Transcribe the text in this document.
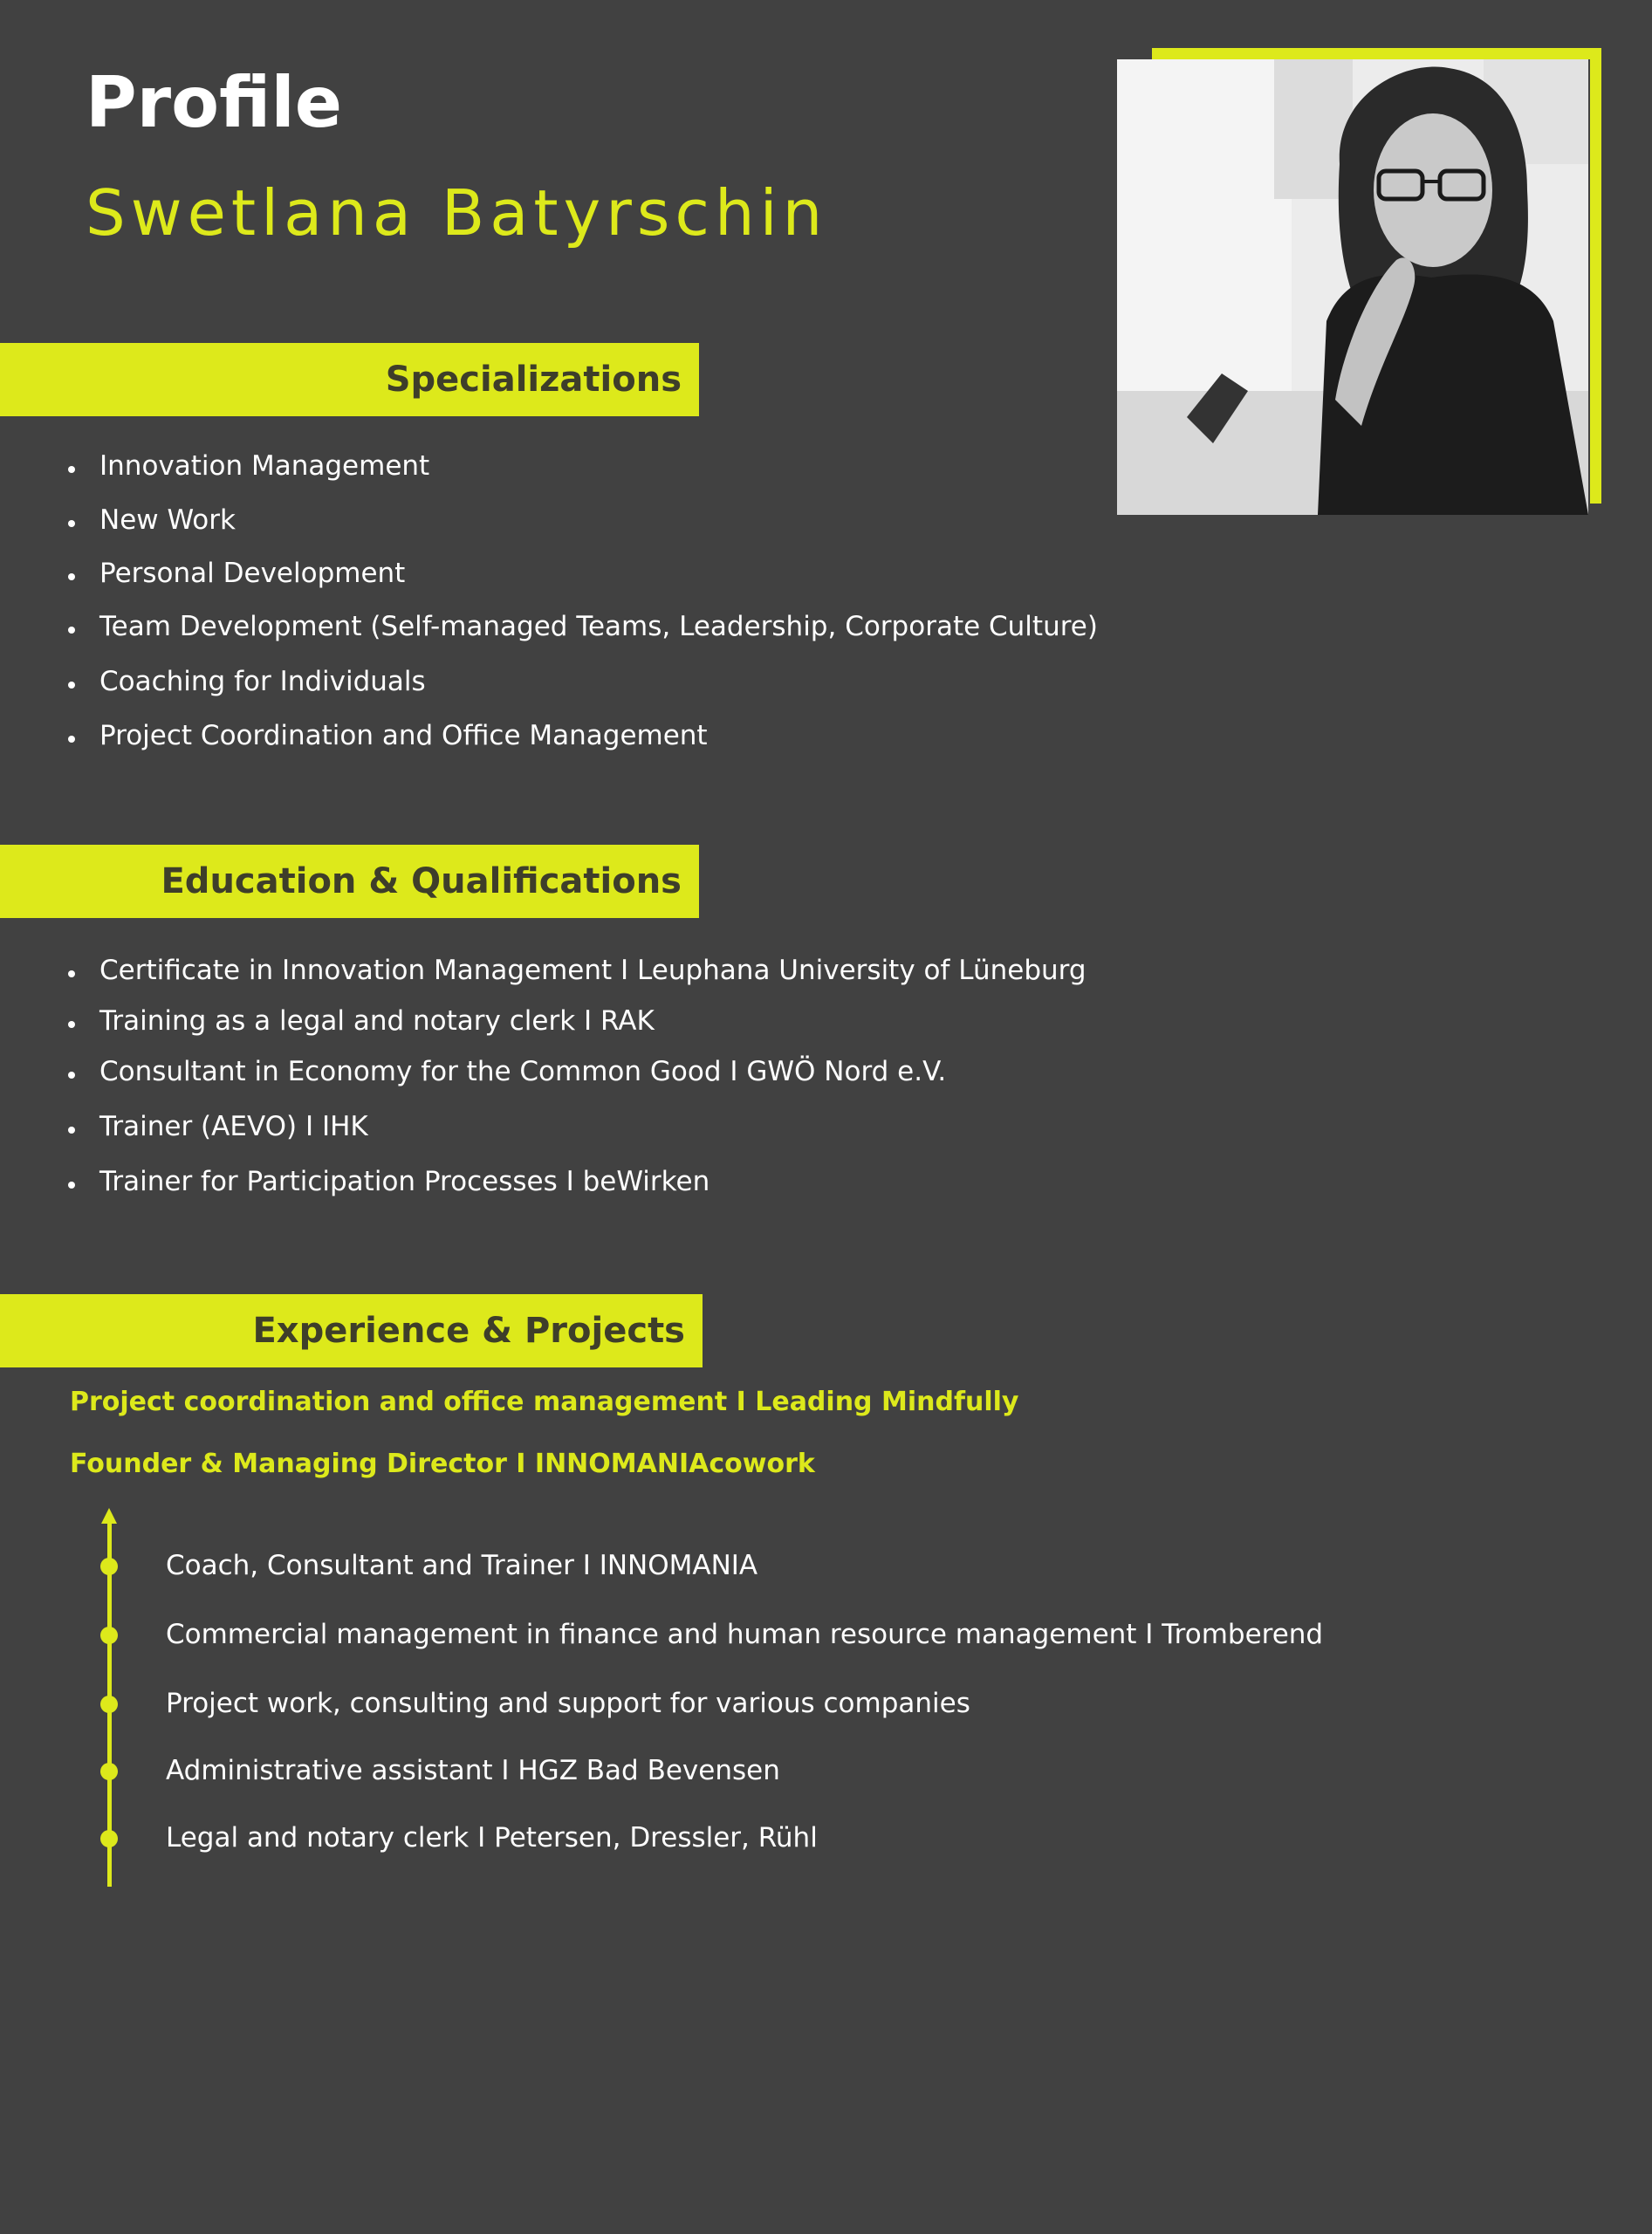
Profile
Swetlana Batyrschin
Specializations
Innovation Management
New Work
Personal Development
Team Development (Self-managed Teams, Leadership, Corporate Culture)
Coaching for Individuals
Project Coordination and Office Management
Education & Qualifications
Certificate in Innovation Management I Leuphana University of Lüneburg
Training as a legal and notary clerk I RAK
Consultant in Economy for the Common Good I GWÖ Nord e.V.
Trainer (AEVO) I IHK
Trainer for Participation Processes I beWirken
Experience & Projects
Project coordination and office management I Leading Mindfully
Founder & Managing Director I INNOMANIAcowork
Coach, Consultant and Trainer I INNOMANIA
Commercial management in finance and human resource management I Tromberend
Project work, consulting and support for various companies
Administrative assistant I HGZ Bad Bevensen
Legal and notary clerk I Petersen, Dressler, Rühl
